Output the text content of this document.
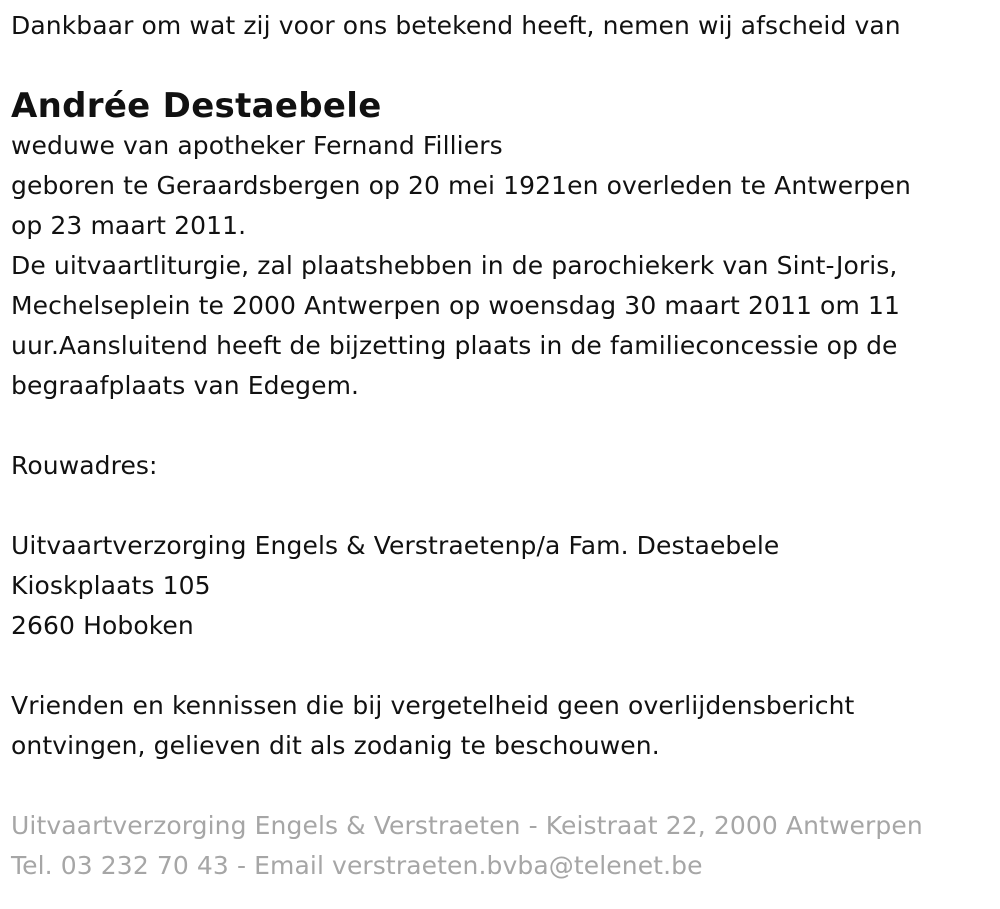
Dankbaar om wat zij voor ons betekend heeft, nemen wij afscheid van
Andrée Destaebele
weduwe van apotheker Fernand Filliers
geboren te Geraardsbergen op 20 mei 1921en overleden te Antwerpen
op 23 maart 2011.
De uitvaartliturgie, zal plaatshebben in de parochiekerk van Sint-Joris,
Mechelseplein te 2000 Antwerpen op woensdag 30 maart 2011 om 11
uur.Aansluitend heeft de bijzetting plaats in de familieconcessie op de
begraafplaats van Edegem.
Rouwadres:
Uitvaartverzorging Engels & Verstraetenp/a Fam. Destaebele
Kioskplaats 105
2660 Hoboken
Vrienden en kennissen die bij vergetelheid geen overlijdensbericht
ontvingen, gelieven dit als zodanig te beschouwen.
Uitvaartverzorging Engels & Verstraeten - Keistraat 22, 2000 Antwerpen
Tel. 03 232 70 43 - Email verstraeten.bvba@telenet.be
